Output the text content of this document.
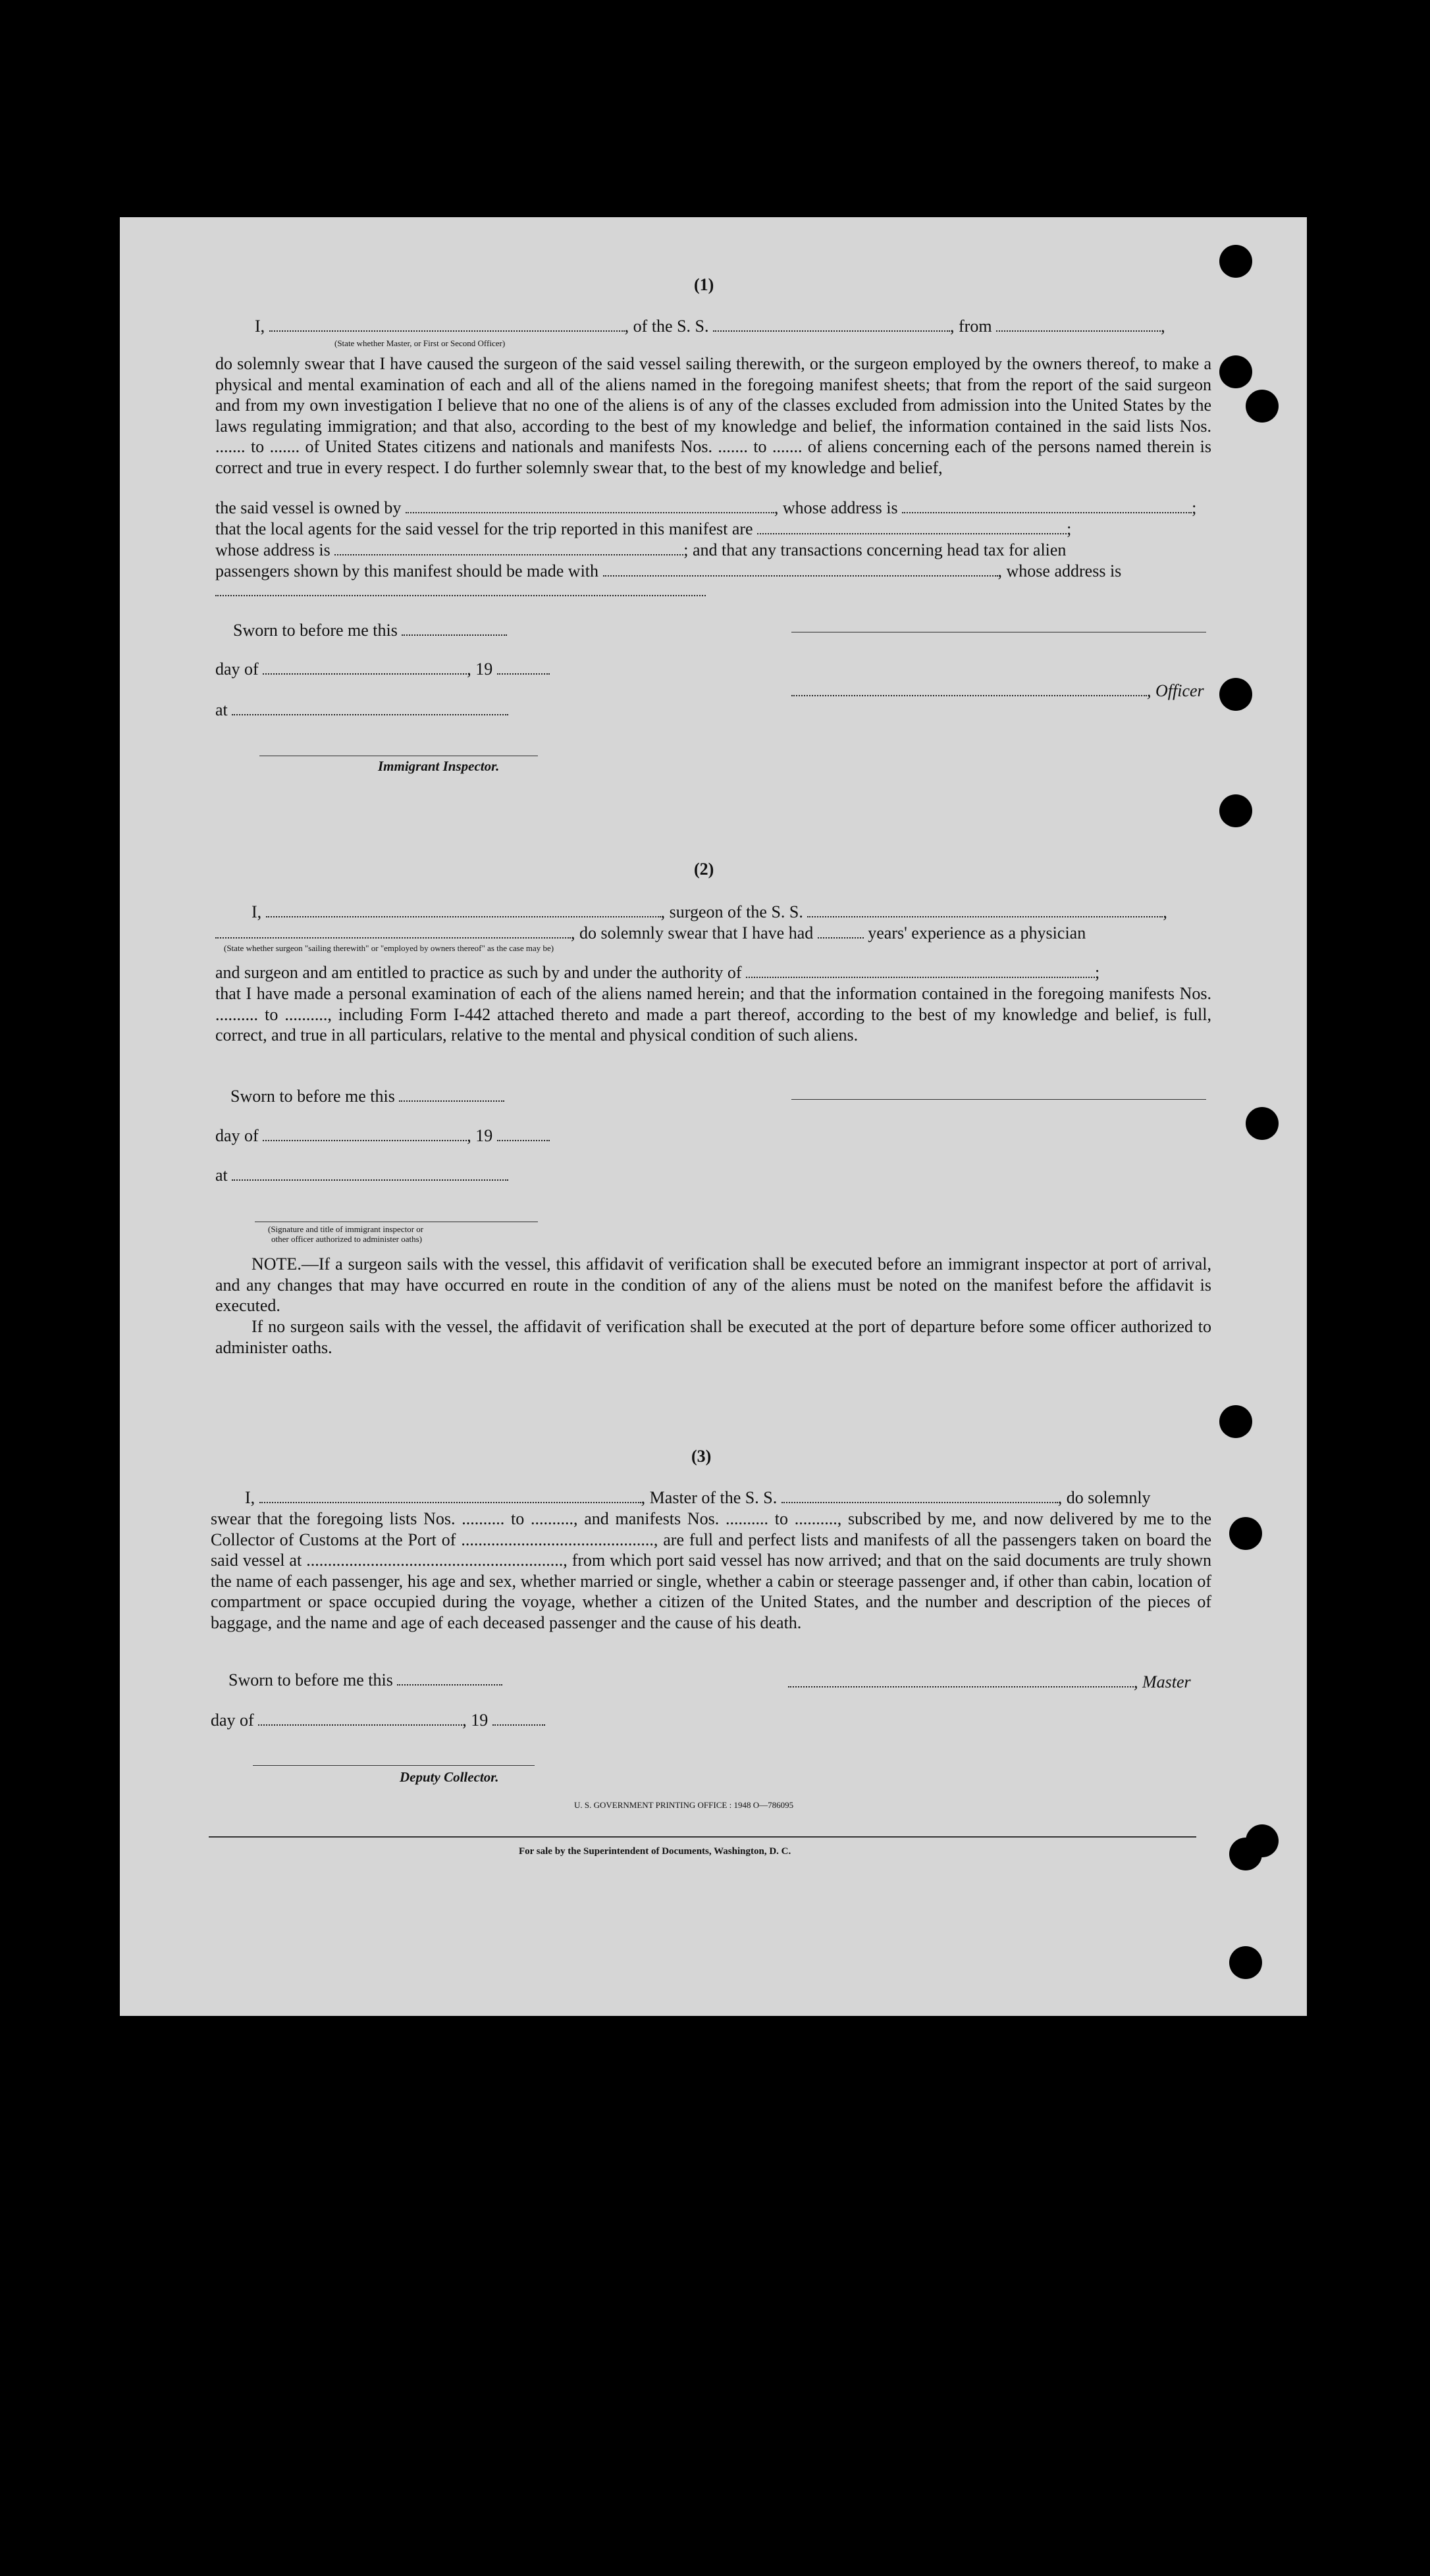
(1)
I,	, of the S. S.	, from	,
(State whether Master, or First or Second Officer)
do solemnly swear that I have caused the surgeon of the said vessel sailing therewith, or the surgeon employed by the owners thereof, to make a physical and mental examination of each and all of the aliens named in the foregoing manifest sheets; that from the report of the said surgeon and from my own investigation I believe that no one of the aliens is of any of the classes excluded from admission into the United States by the laws regulating immigration; and that also, according to the best of my knowledge and belief, the information contained in the said lists Nos. ....... to ....... of United States citizens and nationals and manifests Nos. ....... to ....... of aliens concerning each of the persons named therein is correct and true in every respect. I do further solemnly swear that, to the best of my knowledge and belief,
the said vessel is owned by	, whose address is	;
that the local agents for the said vessel for the trip reported in this manifest are	;
whose address is	; and that any transactions concerning head tax for alien
passengers shown by this manifest should be made with	, whose address is
Sworn to before me this
day of	, 19
, Officer
at
Immigrant Inspector.
(2)
I,	, surgeon of the S. S.	,
, do solemnly swear that I have had	years' experience as a physician
(State whether surgeon "sailing therewith" or "employed by owners thereof" as the case may be)
and surgeon and am entitled to practice as such by and under the authority of	;
that I have made a personal examination of each of the aliens named herein; and that the information contained in the foregoing manifests Nos. .......... to .........., including Form I-442 attached thereto and made a part thereof, according to the best of my knowledge and belief, is full, correct, and true in all particulars, relative to the mental and physical condition of such aliens.
Sworn to before me this
day of	, 19
at
(Signature and title of immigrant inspector or
other officer authorized to administer oaths)
NOTE.—If a surgeon sails with the vessel, this affidavit of verification shall be executed before an immigrant inspector at port of arrival, and any changes that may have occurred en route in the condition of any of the aliens must be noted on the manifest before the affidavit is executed.
If no surgeon sails with the vessel, the affidavit of verification shall be executed at the port of departure before some officer authorized to administer oaths.
(3)
I,	, Master of the S. S.	, do solemnly
swear that the foregoing lists Nos. .......... to .........., and manifests Nos. .......... to .........., subscribed by me, and now delivered by me to the Collector of Customs at the Port of ............................................., are full and perfect lists and manifests of all the passengers taken on board the said vessel at ............................................................, from which port said vessel has now arrived; and that on the said documents are truly shown the name of each passenger, his age and sex, whether married or single, whether a cabin or steerage passenger and, if other than cabin, location of compartment or space occupied during the voyage, whether a citizen of the United States, and the number and description of the pieces of baggage, and the name and age of each deceased passenger and the cause of his death.
Sworn to before me this	, Master
day of	, 19
Deputy Collector.
U. S. GOVERNMENT PRINTING OFFICE : 1948 O—786095
For sale by the Superintendent of Documents, Washington, D. C.
